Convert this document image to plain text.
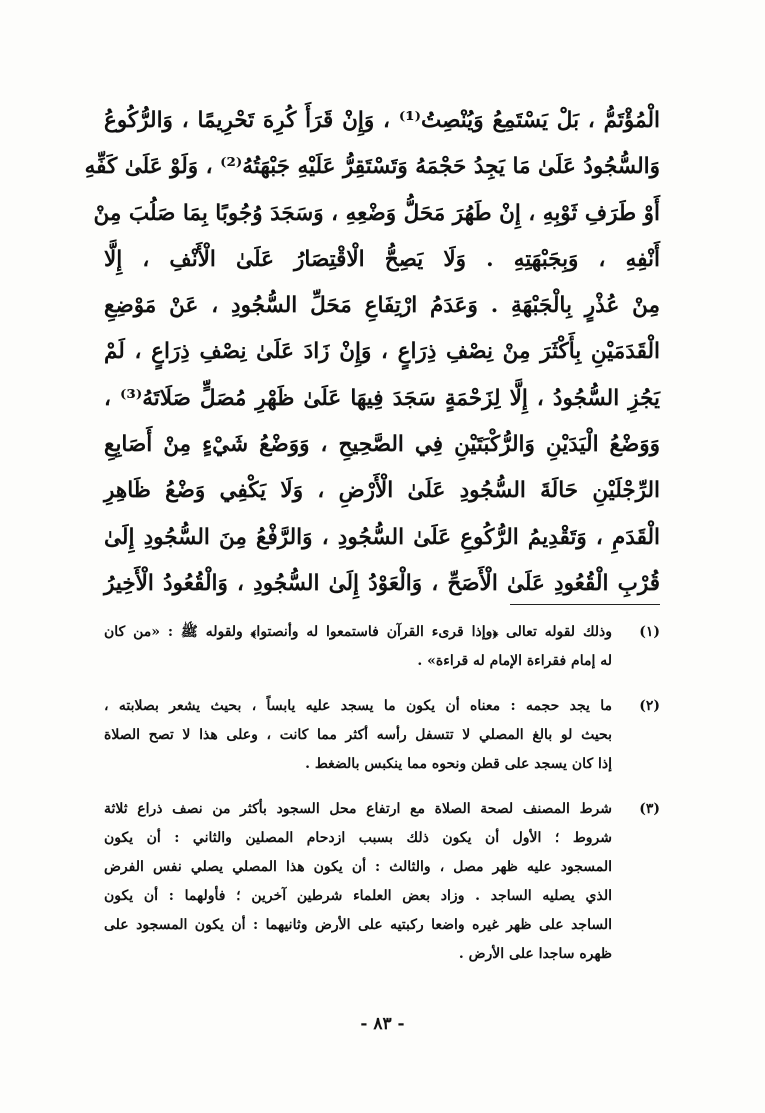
الْمُؤْتَمُّ ، بَلْ يَسْتَمِعُ وَيُنْصِتُ⁽¹⁾ ، وَإِنْ قَرَأَ كُرِهَ تَحْرِيمًا ، وَالرُّكُوعُ
وَالسُّجُودُ عَلَىٰ مَا يَجِدُ حَجْمَهُ وَتَسْتَقِرُّ عَلَيْهِ جَبْهَتُهُ⁽²⁾ ، وَلَوْ عَلَىٰ كَفِّهِ
أَوْ طَرَفِ ثَوْبِهِ ، إِنْ طَهُرَ مَحَلُّ وَضْعِهِ ، وَسَجَدَ وُجُوبًا بِمَا صَلُبَ مِنْ
أَنْفِهِ ، وَبِجَبْهَتِهِ . وَلَا يَصِحُّ الْاقْتِصَارُ عَلَىٰ الْأَنْفِ ، إِلَّا
مِنْ عُذْرٍ بِالْجَبْهَةِ . وَعَدَمُ ارْتِفَاعِ مَحَلِّ السُّجُودِ ، عَنْ مَوْضِعِ
الْقَدَمَيْنِ بِأَكْثَرَ مِنْ نِصْفِ ذِرَاعٍ ، وَإِنْ زَادَ عَلَىٰ نِصْفِ ذِرَاعٍ ، لَمْ
يَجُزِ السُّجُودُ ، إِلَّا لِزَحْمَةٍ سَجَدَ فِيهَا عَلَىٰ ظَهْرِ مُصَلٍّ صَلَاتَهُ⁽³⁾ ،
وَوَضْعُ الْيَدَيْنِ وَالرُّكْبَتَيْنِ فِي الصَّحِيحِ ، وَوَضْعُ شَيْءٍ مِنْ أَصَابِعِ
الرِّجْلَيْنِ حَالَةَ السُّجُودِ عَلَىٰ الْأَرْضِ ، وَلَا يَكْفِي وَضْعُ ظَاهِرِ
الْقَدَمِ ، وَتَقْدِيمُ الرُّكُوعِ عَلَىٰ السُّجُودِ ، وَالرَّفْعُ مِنَ السُّجُودِ إِلَىٰ
قُرْبِ الْقُعُودِ عَلَىٰ الْأَصَحِّ ، وَالْعَوْدُ إِلَىٰ السُّجُودِ ، وَالْقُعُودُ الْأَخِيرُ
(١)
وذلك لقوله تعالى ﴿وإذا قرىء القرآن فاستمعوا له وأنصتوا﴾ ولقوله ﷺ : «من كان
له إمام فقراءة الإمام له قراءة» .
(٢)
ما يجد حجمه : معناه أن يكون ما يسجد عليه يابساً ، بحيث يشعر بصلابته ،
بحيث لو بالغ المصلي لا تتسفل رأسه أكثر مما كانت ، وعلى هذا لا تصح الصلاة
إذا كان يسجد على قطن ونحوه مما ينكبس بالضغط .
(٣)
شرط المصنف لصحة الصلاة مع ارتفاع محل السجود بأكثر من نصف ذراع ثلاثة
شروط ؛ الأول أن يكون ذلك بسبب ازدحام المصلين والثاني : أن يكون
المسجود عليه ظهر مصل ، والثالث : أن يكون هذا المصلي يصلي نفس الفرض
الذي يصليه الساجد . وزاد بعض العلماء شرطين آخرين ؛ فأولهما : أن يكون
الساجد على ظهر غيره واضعا ركبتيه على الأرض وثانيهما : أن يكون المسجود على
ظهره ساجدا على الأرض .
- ٨٣ -
